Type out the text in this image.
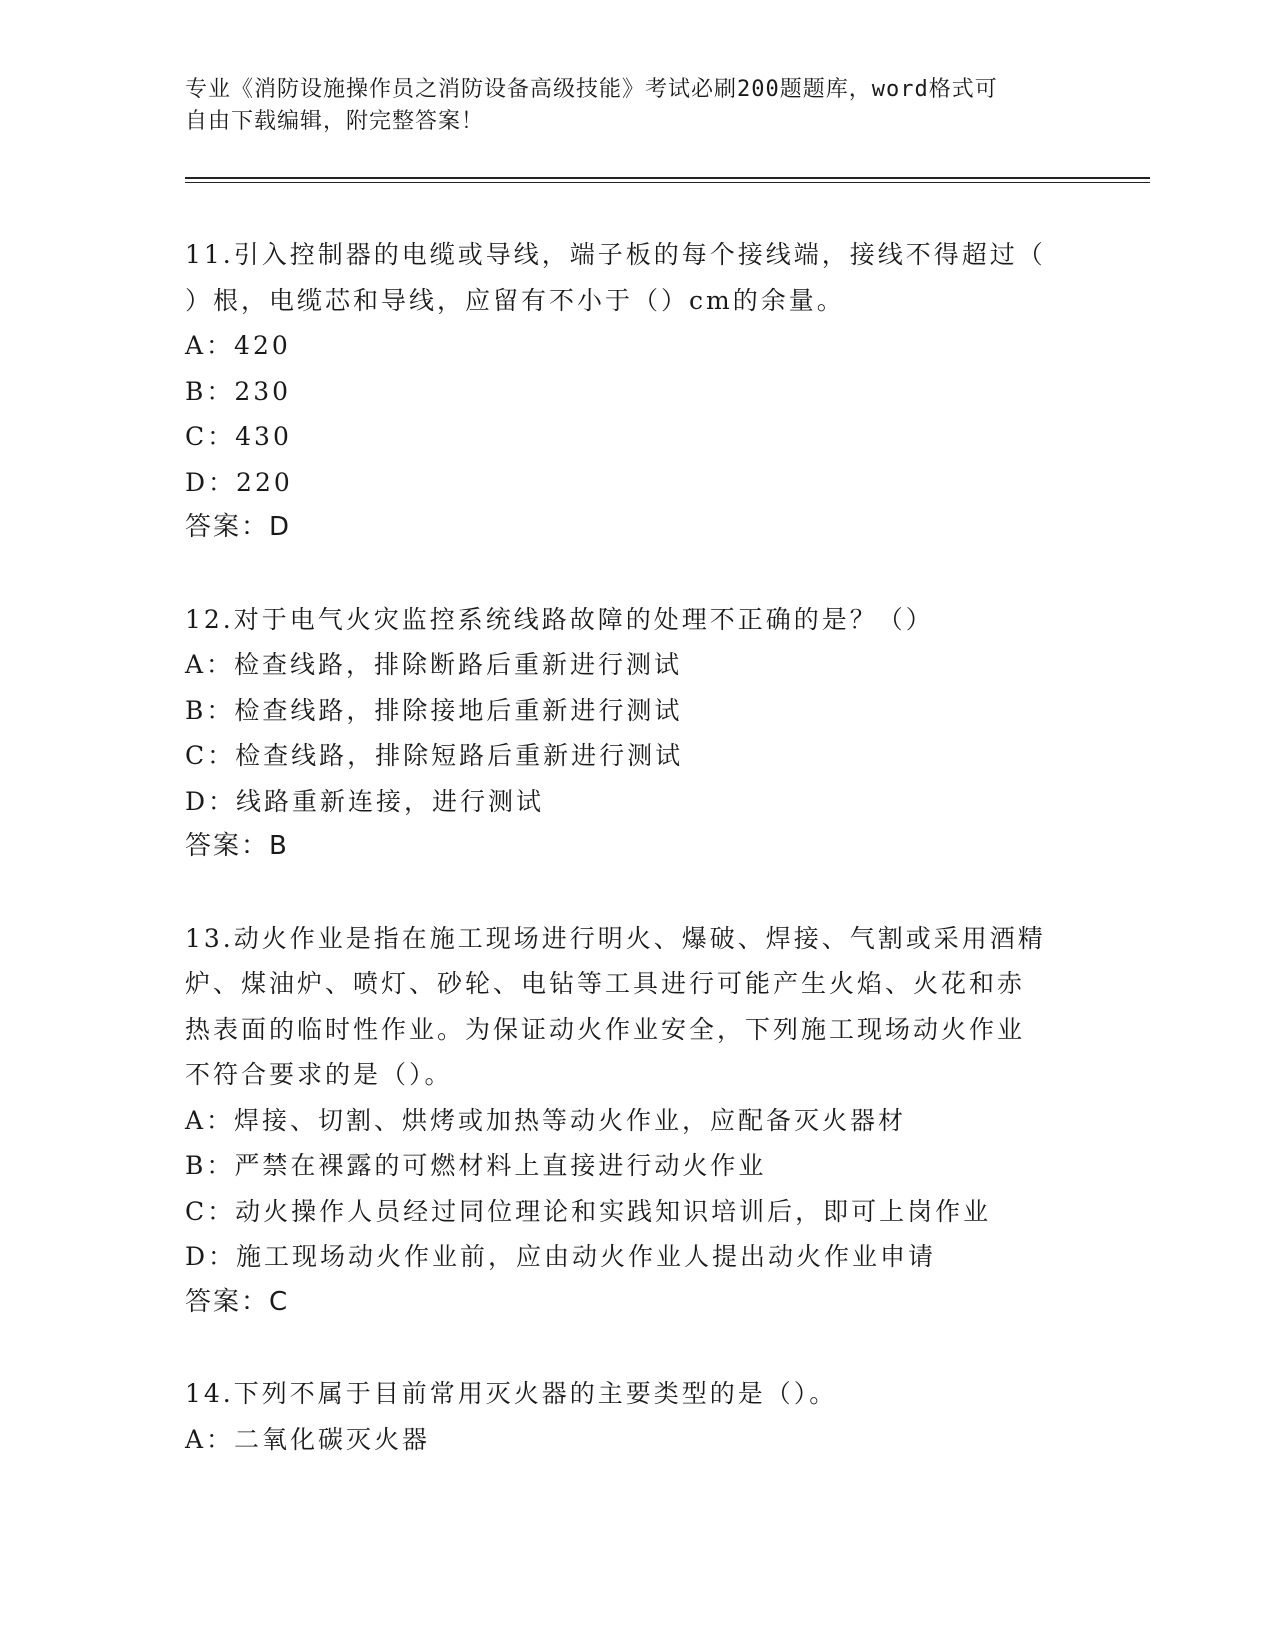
专业《消防设施操作员之消防设备高级技能》考试必刷200题题库，word格式可
自由下载编辑，附完整答案！
11.引入控制器的电缆或导线，端子板的每个接线端，接线不得超过（
）根，电缆芯和导线，应留有不小于（）cm的余量。
A：420
B：230
C：430
D：220
答案：D
12.对于电气火灾监控系统线路故障的处理不正确的是？（）
A：检查线路，排除断路后重新进行测试
B：检查线路，排除接地后重新进行测试
C：检查线路，排除短路后重新进行测试
D：线路重新连接，进行测试
答案：B
13.动火作业是指在施工现场进行明火、爆破、焊接、气割或采用酒精
炉、煤油炉、喷灯、砂轮、电钻等工具进行可能产生火焰、火花和赤
热表面的临时性作业。为保证动火作业安全，下列施工现场动火作业
不符合要求的是（）。
A：焊接、切割、烘烤或加热等动火作业，应配备灭火器材
B：严禁在裸露的可燃材料上直接进行动火作业
C：动火操作人员经过同位理论和实践知识培训后，即可上岗作业
D：施工现场动火作业前，应由动火作业人提出动火作业申请
答案：C
14.下列不属于目前常用灭火器的主要类型的是（）。
A：二氧化碳灭火器
